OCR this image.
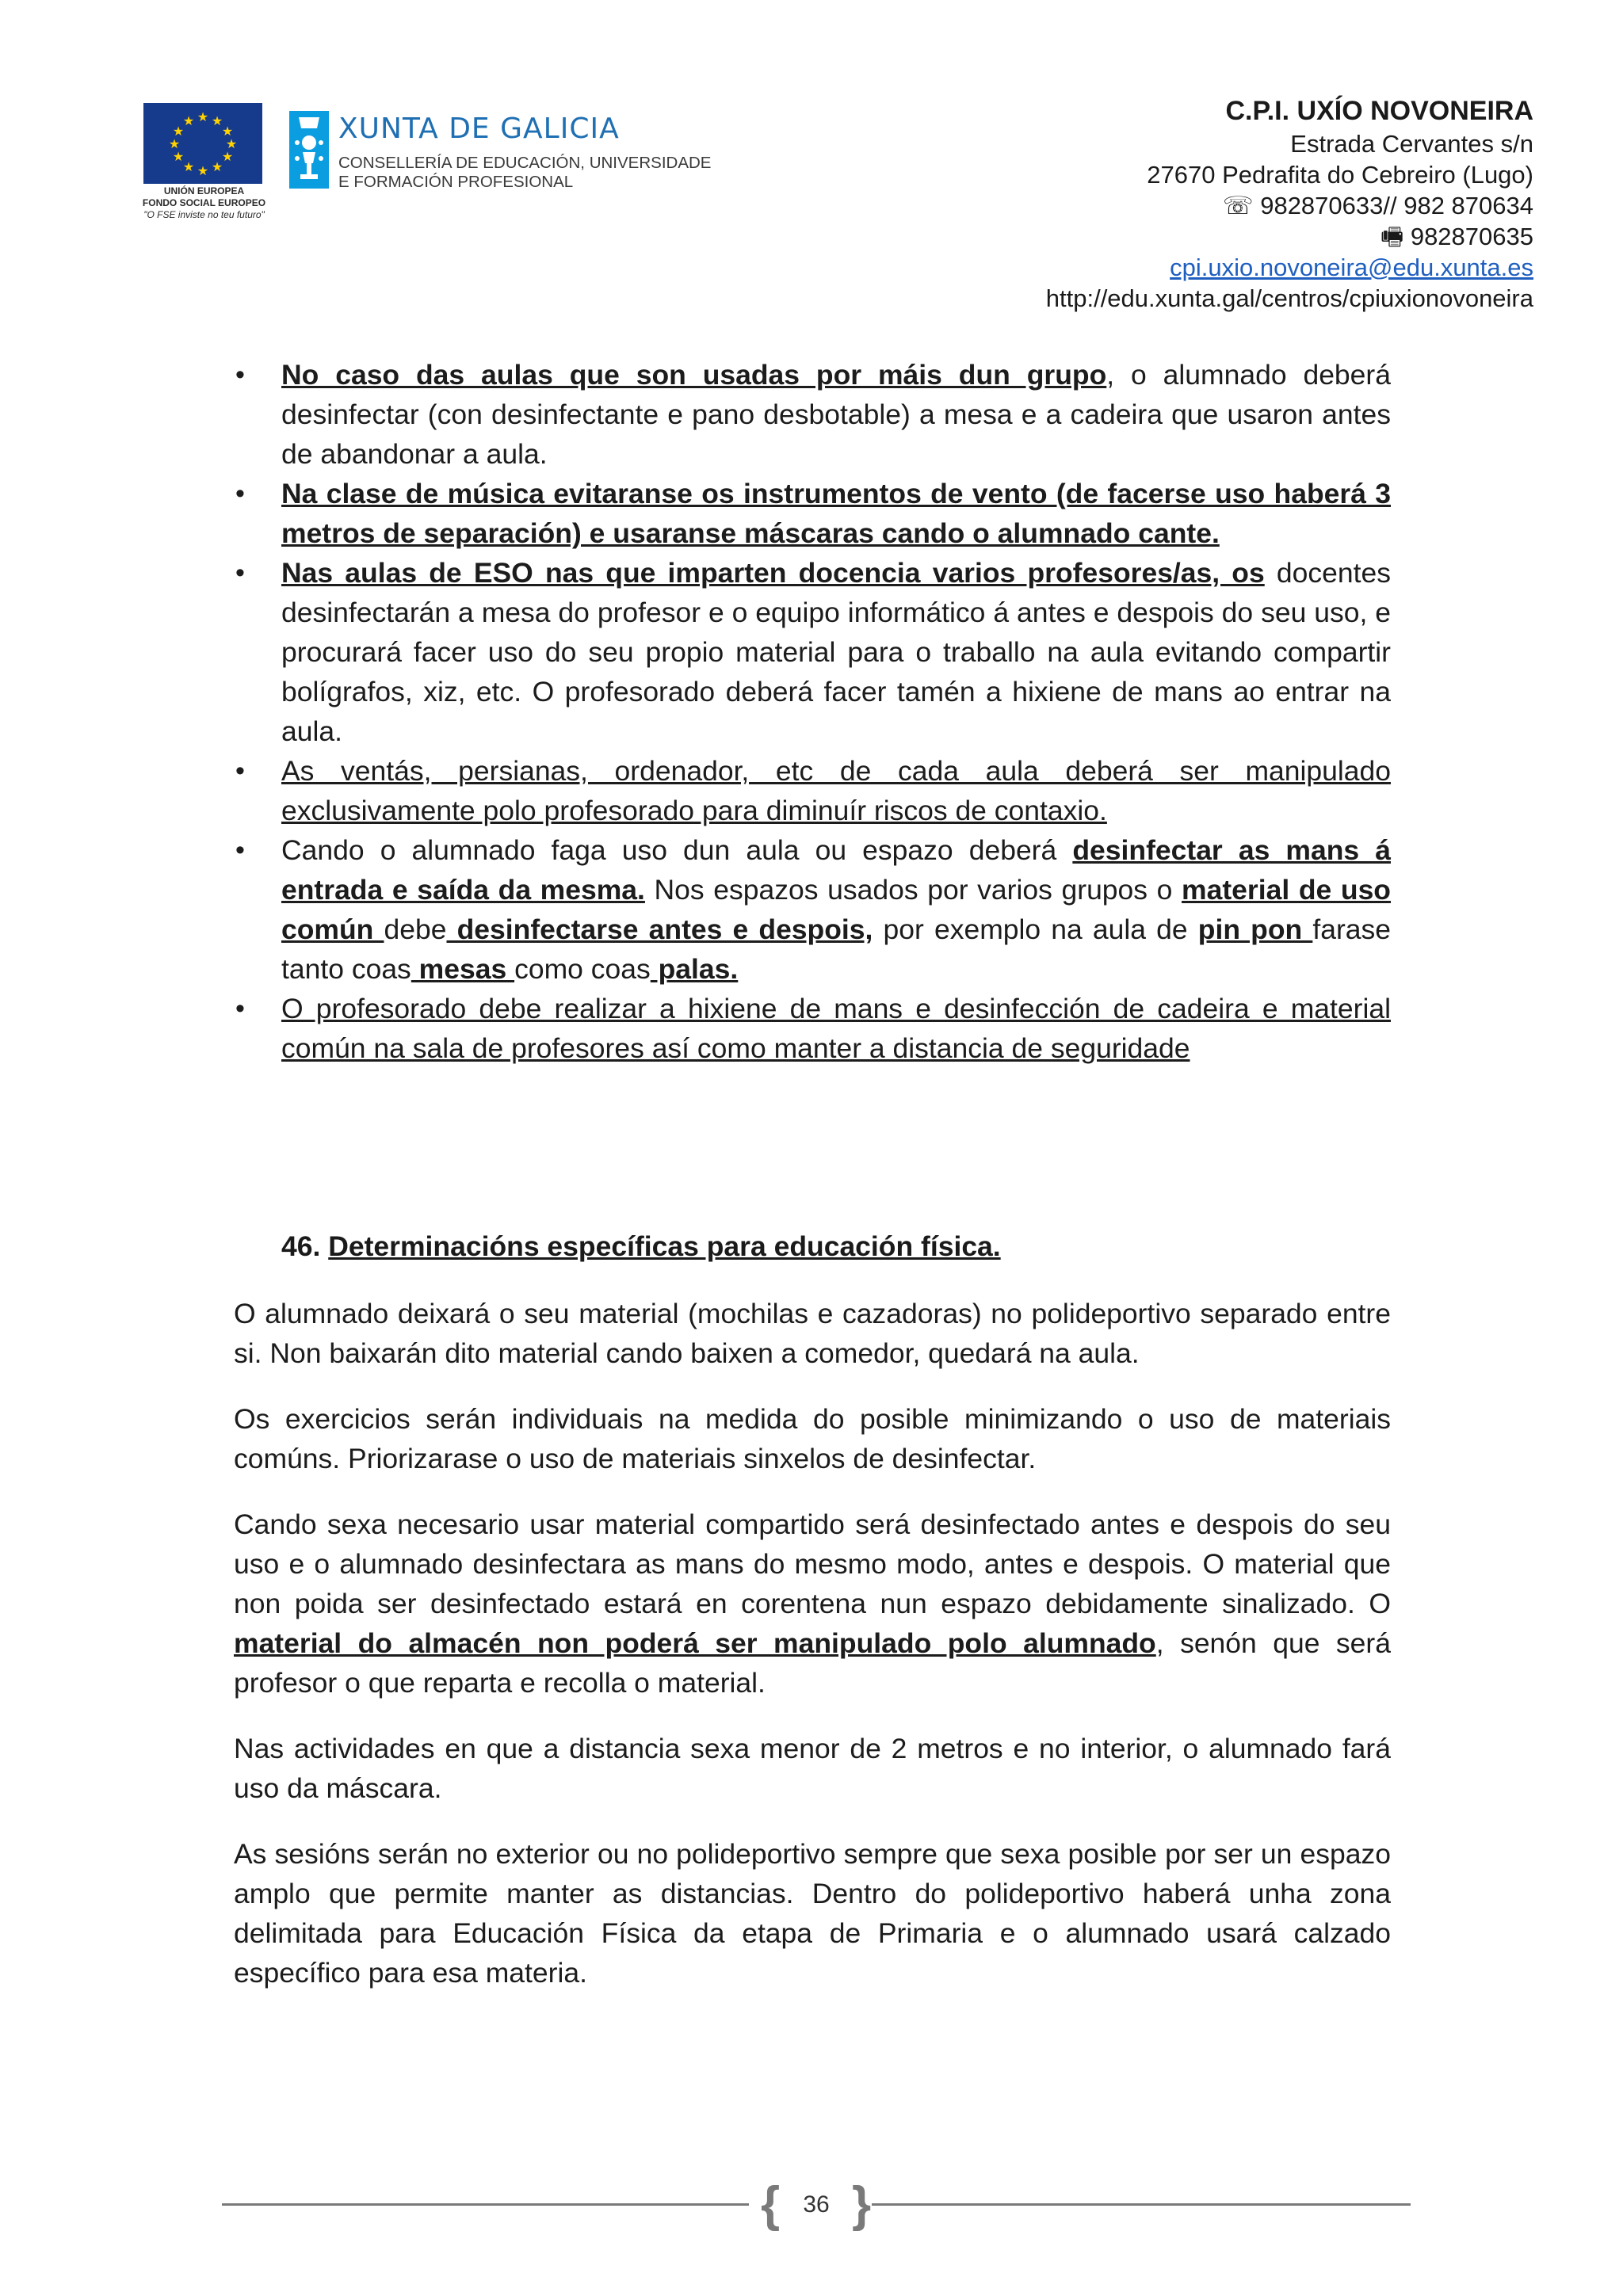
★ ★
★
★
★
★
★
★
★
★
★
★
UNIÓN EUROPEA
FONDO SOCIAL EUROPEO
"O FSE inviste no teu futuro"
XUNTA DE GALICIA
CONSELLERÍA DE EDUCACIÓN, UNIVERSIDADE
E FORMACIÓN PROFESIONAL
C.P.I. UXÍO NOVONEIRA
Estrada Cervantes s/n
27670 Pedrafita do Cebreiro (Lugo)
☏ 982870633// 982 870634
🖷 982870635
cpi.uxio.novoneira@edu.xunta.es
http://edu.xunta.gal/centros/cpiuxionovoneira
• No caso das aulas que son usadas por máis dun grupo, o alumnado deberá desinfectar (con desinfectante e pano desbotable) a mesa e a cadeira que usaron antes de abandonar a aula.
• Na clase de música evitaranse os instrumentos de vento (de facerse uso haberá 3 metros de separación) e usaranse máscaras cando o alumnado cante.
• Nas aulas de ESO nas que imparten docencia varios profesores/as, os docentes desinfectarán a mesa do profesor e o equipo informático á antes e despois do seu uso, e procurará facer uso do seu propio material para o traballo na aula evitando compartir bolígrafos, xiz, etc. O profesorado deberá facer tamén a hixiene de mans ao entrar na aula.
• As ventás, persianas, ordenador, etc de cada aula deberá ser manipulado exclusivamente polo profesorado para diminuír riscos de contaxio.
• Cando o alumnado faga uso dun aula ou espazo deberá desinfectar as mans á entrada e saída da mesma. Nos espazos usados por varios grupos o material de uso común debe desinfectarse antes e despois, por exemplo na aula de pin pon farase tanto coas mesas como coas palas.
• O profesorado debe realizar a hixiene de mans e desinfección de cadeira e material común na sala de profesores así como manter a distancia de seguridade
46. Determinacións específicas para educación física.

O alumnado deixará o seu material (mochilas e cazadoras) no polideportivo separado entre si. Non baixarán dito material cando baixen a comedor, quedará na aula.

Os exercicios serán individuais na medida do posible minimizando o uso de materiais comúns. Priorizarase o uso de materiais sinxelos de desinfectar.

Cando sexa necesario usar material compartido será desinfectado antes e despois do seu uso e o alumnado desinfectara as mans do mesmo modo, antes e despois. O material que non poida ser desinfectado estará en corentena nun espazo debidamente sinalizado. O material do almacén non poderá ser manipulado polo alumnado, senón que será profesor o que reparta e recolla o material.

Nas actividades en que a distancia sexa menor de 2 metros e no interior, o alumnado fará uso da máscara.

As sesións serán no exterior ou no polideportivo sempre que sexa posible por ser un espazo amplo que permite manter as distancias. Dentro do polideportivo haberá unha zona delimitada para Educación Física da etapa de Primaria e o alumnado usará calzado específico para esa materia.

{ 36 }
